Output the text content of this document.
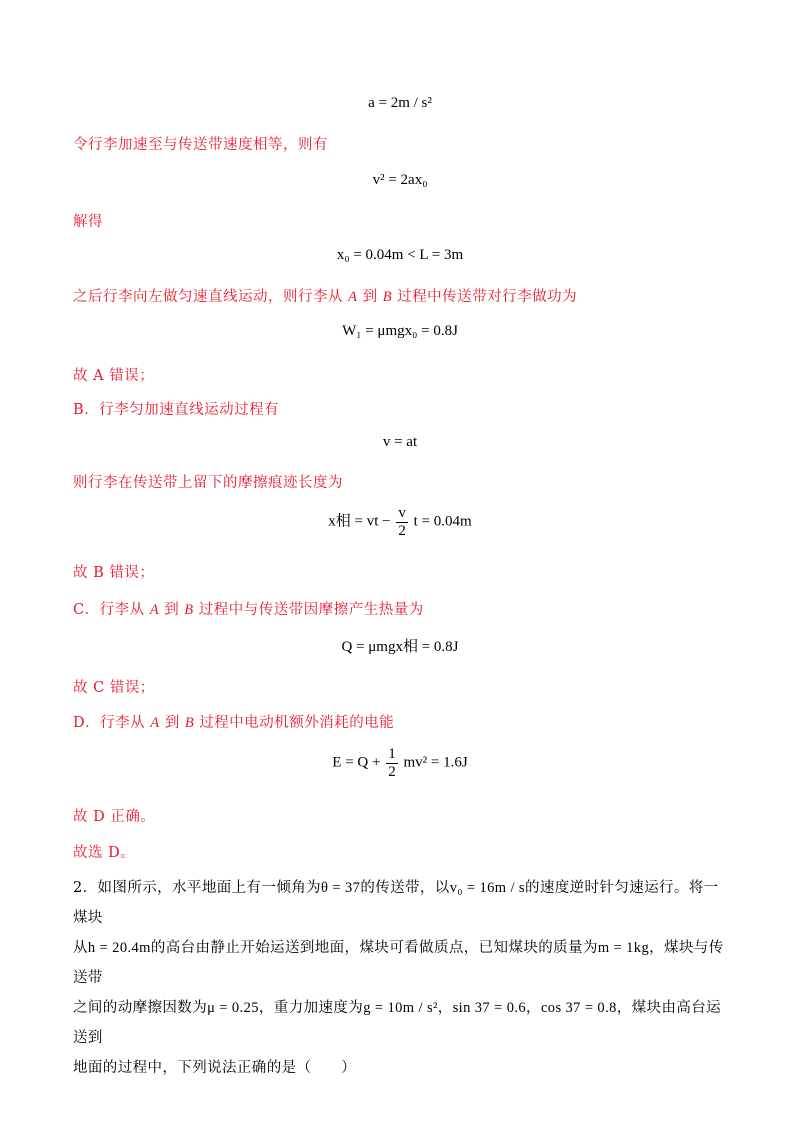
a = 2m / s²
令行李加速至与传送带速度相等，则有
v² = 2ax₀
解得
x₀ = 0.04m < L = 3m
之后行李向左做匀速直线运动，则行李从 A 到 B 过程中传送带对行李做功为
W₁ = μmgx₀ = 0.8J
故 A 错误；
B．行李匀加速直线运动过程有
v = at
则行李在传送带上留下的摩擦痕迹长度为
x相 = vt − $\frac{v}{2}$ t = 0.04m
故 B 错误；
C．行李从 A 到 B 过程中与传送带因摩擦产生热量为
Q = μmgx相 = 0.8J
故 C 错误；
D．行李从 A 到 B 过程中电动机额外消耗的电能
$E = Q + \frac{1}{2} mv^2 = 1.6J$
故 D 正确。
故选 D。
2．如图所示，水平地面上有一倾角为θ = 37的传送带，以v₀ = 16m / s的速度逆时针匀速运行。将一煤块
从h = 20.4m的高台由静止开始运送到地面，煤块可看做质点，已知煤块的质量为m = 1kg，煤块与传送带
之间的动摩擦因数为μ = 0.25，重力加速度为g = 10m / s²，sin 37 = 0.6，cos 37 = 0.8，煤块由高台运送到
地面的过程中，下列说法正确的是（　　）
